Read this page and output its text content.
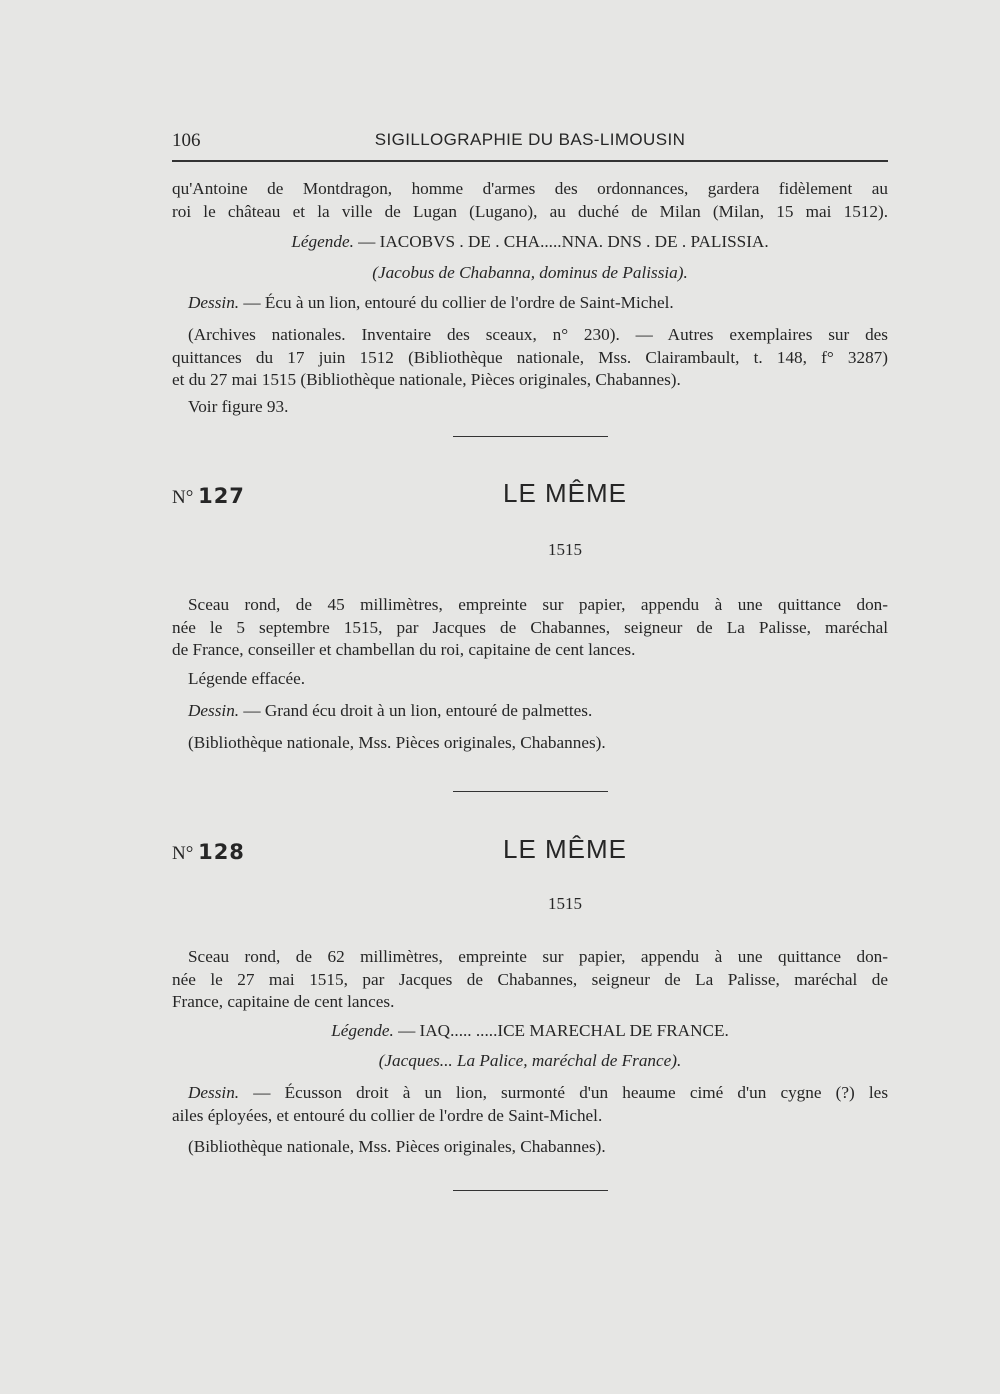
106	SIGILLOGRAPHIE DU BAS-LIMOUSIN
qu'Antoine de Montdragon, homme d'armes des ordonnances, gardera fidèlement au
roi le château et la ville de Lugan (Lugano), au duché de Milan (Milan, 15 mai 1512).
Légende. — IACOBVS . DE . CHA.....NNA. DNS . DE . PALISSIA.
(Jacobus de Chabanna, dominus de Palissia).
Dessin. — Écu à un lion, entouré du collier de l'ordre de Saint-Michel.
(Archives nationales. Inventaire des sceaux, n° 230). — Autres exemplaires sur des
quittances du 17 juin 1512 (Bibliothèque nationale, Mss. Clairambault, t. 148, f° 3287)
et du 27 mai 1515 (Bibliothèque nationale, Pièces originales, Chabannes).
Voir figure 93.
N° 127	LE MÊME
1515
Sceau rond, de 45 millimètres, empreinte sur papier, appendu à une quittance don-
née le 5 septembre 1515, par Jacques de Chabannes, seigneur de La Palisse, maréchal
de France, conseiller et chambellan du roi, capitaine de cent lances.
Légende effacée.
Dessin. — Grand écu droit à un lion, entouré de palmettes.
(Bibliothèque nationale, Mss. Pièces originales, Chabannes).
N° 128	LE MÊME
1515
Sceau rond, de 62 millimètres, empreinte sur papier, appendu à une quittance don-
née le 27 mai 1515, par Jacques de Chabannes, seigneur de La Palisse, maréchal de
France, capitaine de cent lances.
Légende. — IAQ..... .....ICE MARECHAL DE FRANCE.
(Jacques... La Palice, maréchal de France).
Dessin. — Écusson droit à un lion, surmonté d'un heaume cimé d'un cygne (?) les
ailes éployées, et entouré du collier de l'ordre de Saint-Michel.
(Bibliothèque nationale, Mss. Pièces originales, Chabannes).
